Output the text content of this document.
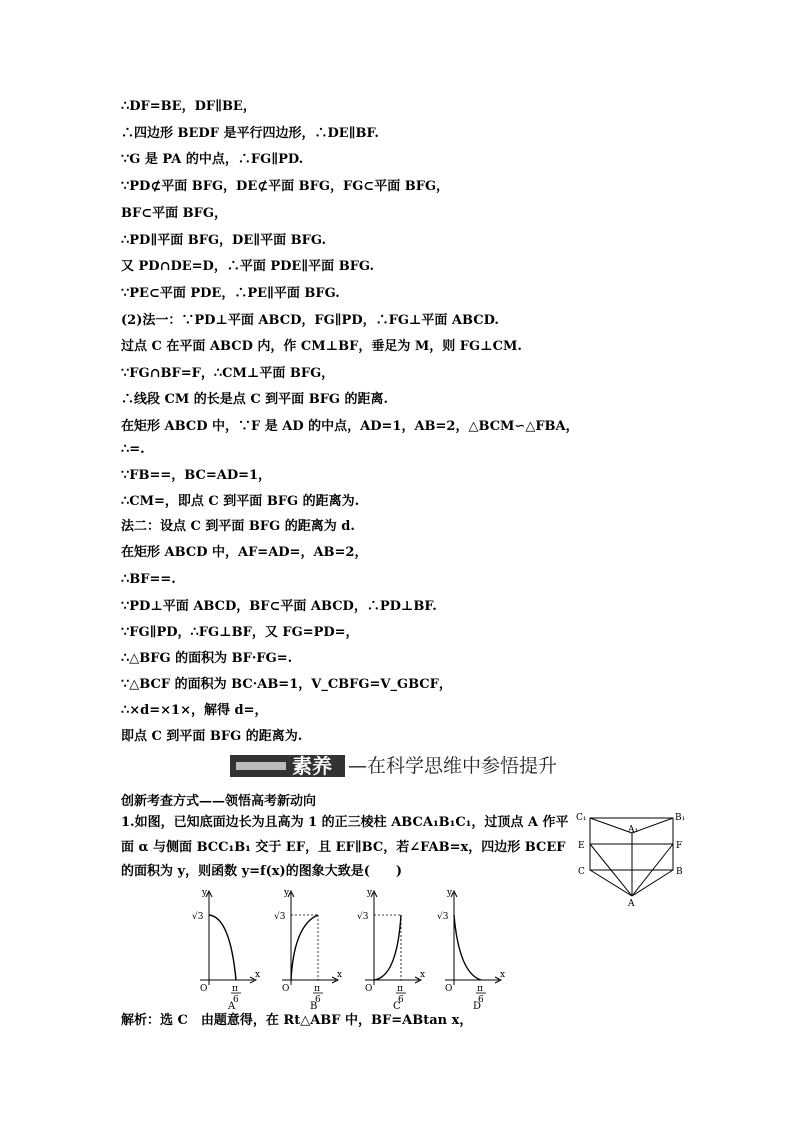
∴DF=BE，DF∥BE，
∴四边形 BEDF 是平行四边形，∴DE∥BF.
∵G 是 PA 的中点，∴FG∥PD.
∵PD⊄平面 BFG，DE⊄平面 BFG，FG⊂平面 BFG，
BF⊂平面 BFG，
∴PD∥平面 BFG，DE∥平面 BFG.
又 PD∩DE=D，∴平面 PDE∥平面 BFG.
∵PE⊂平面 PDE，∴PE∥平面 BFG.
(2)法一：∵PD⊥平面 ABCD，FG∥PD，∴FG⊥平面 ABCD.
过点 C 在平面 ABCD 内，作 CM⊥BF，垂足为 M，则 FG⊥CM.
∵FG∩BF=F，∴CM⊥平面 BFG，
∴线段 CM 的长是点 C 到平面 BFG 的距离.
在矩形 ABCD 中，∵F 是 AD 的中点，AD=1，AB=2，△BCM∽△FBA，
∴=.
∵FB==，BC=AD=1，
∴CM=，即点 C 到平面 BFG 的距离为.
法二：设点 C 到平面 BFG 的距离为 d.
在矩形 ABCD 中，AF=AD=，AB=2，
∴BF==.
∵PD⊥平面 ABCD，BF⊂平面 ABCD，∴PD⊥BF.
∵FG∥PD，∴FG⊥BF，又 FG=PD=，
∴△BFG 的面积为 BF·FG=.
∵△BCF 的面积为 BC·AB=1，V_CBFG=V_GBCF，
∴×d=×1×，解得 d=，
即点 C 到平面 BFG 的距离为.
素养 —在科学思维中参悟提升
创新考查方式——领悟高考新动向
1.如图，已知底面边长为且高为 1 的正三棱柱 ABCA₁B₁C₁，过顶点 A 作平
面 α 与侧面 BCC₁B₁ 交于 EF，且 EF∥BC，若∠FAB=x，四边形 BCEF
的面积为 y，则函数 y=f(x)的图象大致是(　　)
C₁	B₁
A₁
E	F
C	B
A
y
x
O
√3
π
6
A
y
x
O
√3
π
6
B
y
x
O
√3
π
6
C
y
x
O
√3
π
6
D
解析：选 C　由题意得，在 Rt△ABF 中，BF=ABtan x，
